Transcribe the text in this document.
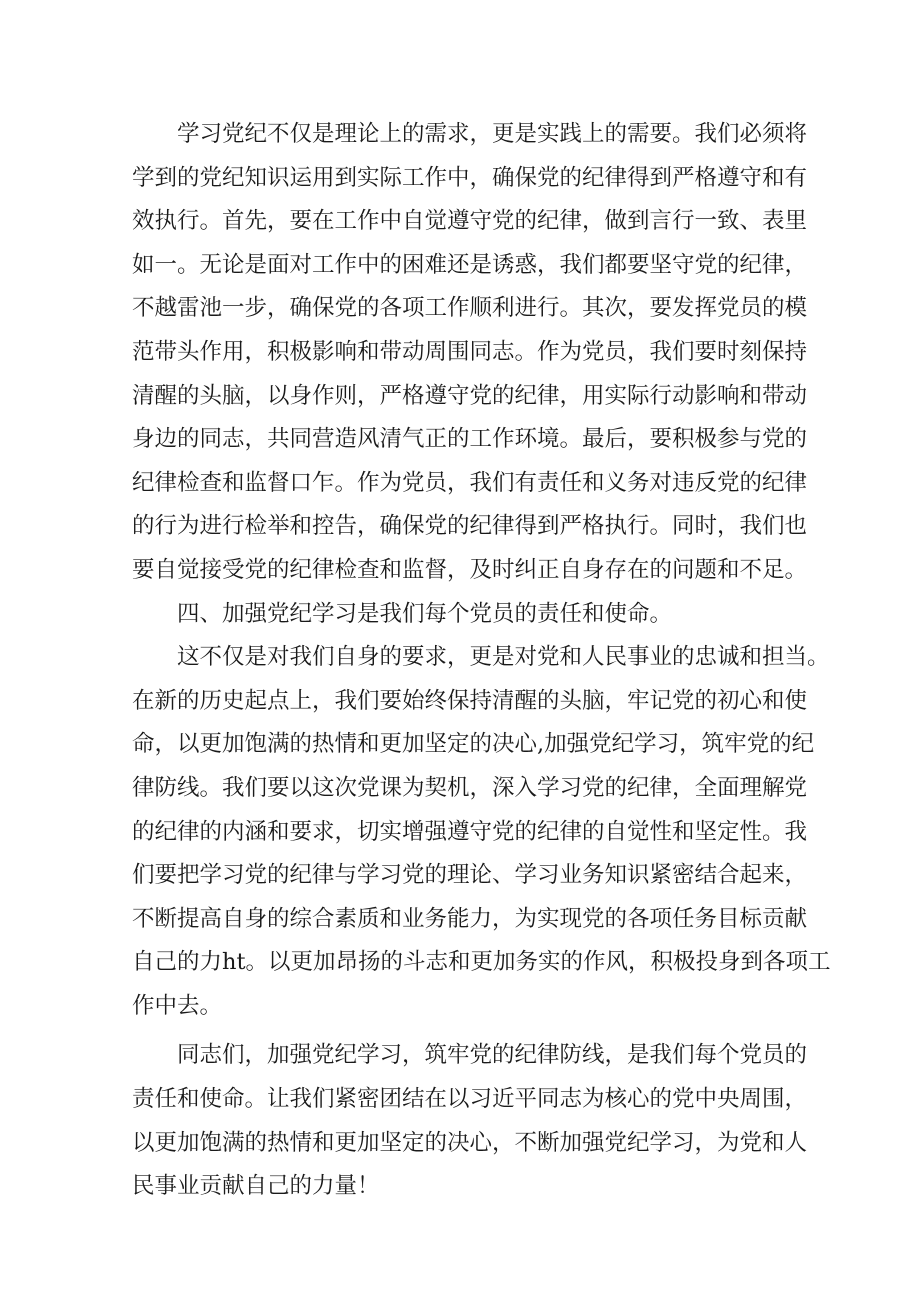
学习党纪不仅是理论上的需求，更是实践上的需要。我们必须将
学到的党纪知识运用到实际工作中，确保党的纪律得到严格遵守和有
效执行。首先，要在工作中自觉遵守党的纪律，做到言行一致、表里
如一。无论是面对工作中的困难还是诱惑，我们都要坚守党的纪律，
不越雷池一步，确保党的各项工作顺利进行。其次，要发挥党员的模
范带头作用，积极影响和带动周围同志。作为党员，我们要时刻保持
清醒的头脑，以身作则，严格遵守党的纪律，用实际行动影响和带动
身边的同志，共同营造风清气正的工作环境。最后，要积极参与党的
纪律检查和监督口乍。作为党员，我们有责任和义务对违反党的纪律
的行为进行检举和控告，确保党的纪律得到严格执行。同时，我们也
要自觉接受党的纪律检查和监督，及时纠正自身存在的问题和不足。
四、加强党纪学习是我们每个党员的责任和使命。
这不仅是对我们自身的要求，更是对党和人民事业的忠诚和担当。
在新的历史起点上，我们要始终保持清醒的头脑，牢记党的初心和使
命，以更加饱满的热情和更加坚定的决心,加强党纪学习，筑牢党的纪
律防线。我们要以这次党课为契机，深入学习党的纪律，全面理解党
的纪律的内涵和要求，切实增强遵守党的纪律的自觉性和坚定性。我
们要把学习党的纪律与学习党的理论、学习业务知识紧密结合起来，
不断提高自身的综合素质和业务能力，为实现党的各项任务目标贡献
自己的力ht。以更加昂扬的斗志和更加务实的作风，积极投身到各项工
作中去。
同志们，加强党纪学习，筑牢党的纪律防线，是我们每个党员的
责任和使命。让我们紧密团结在以习近平同志为核心的党中央周围，
以更加饱满的热情和更加坚定的决心，不断加强党纪学习，为党和人
民事业贡献自己的力量！
